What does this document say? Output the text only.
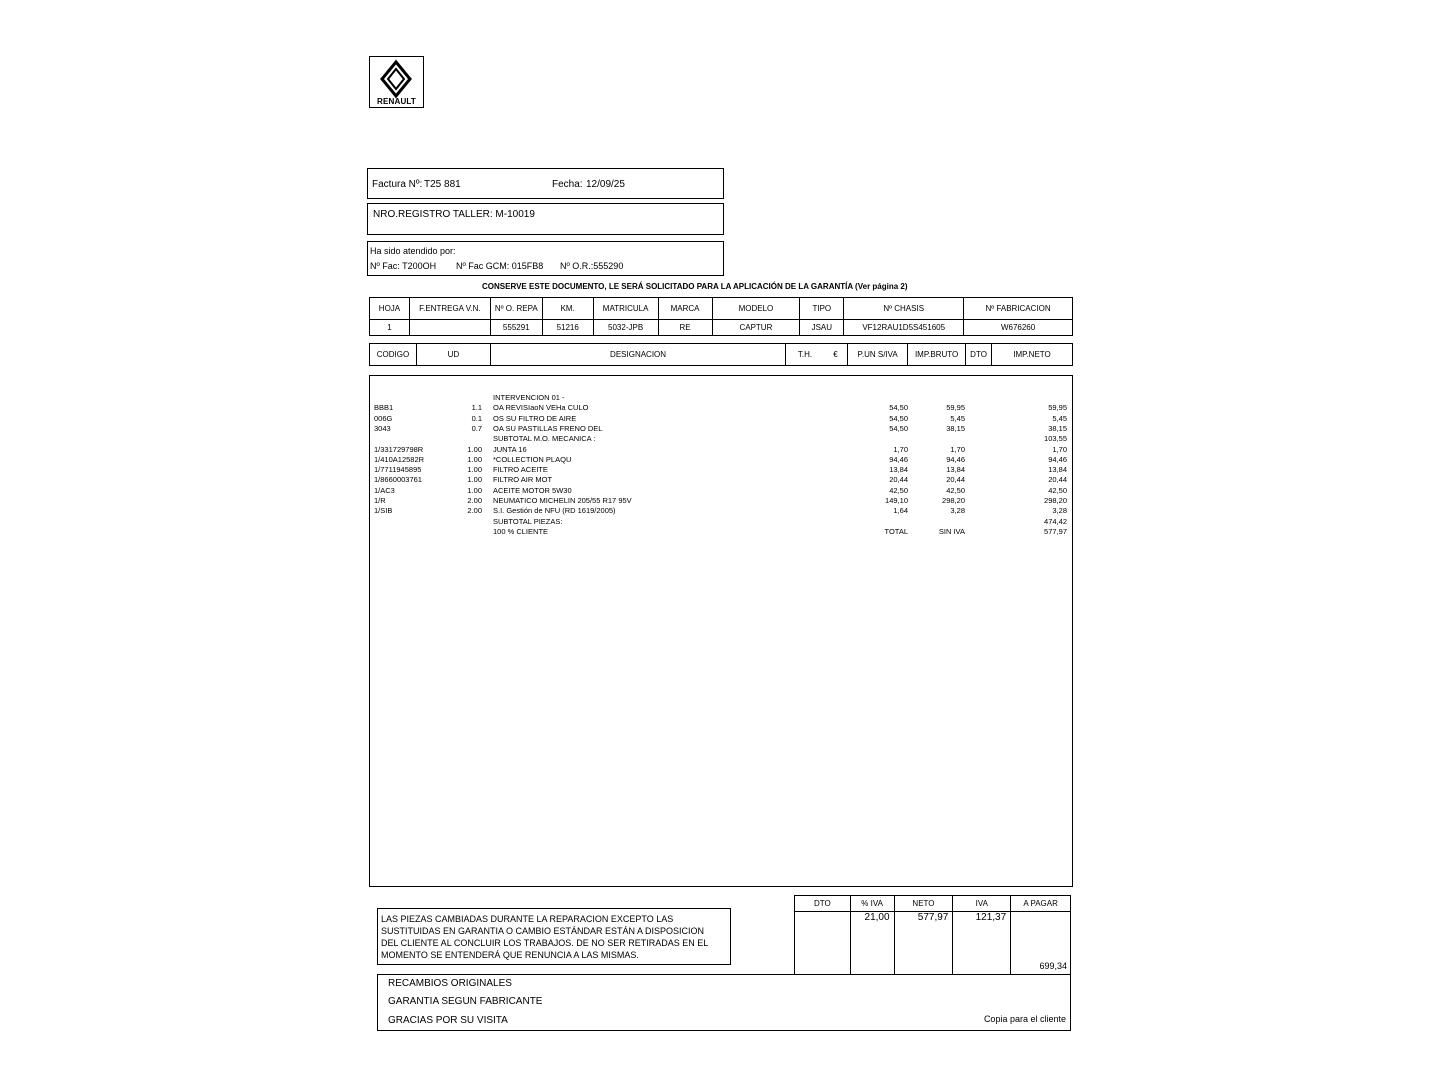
RENAULT
Factura Nº: T25 881	Fecha: 12/09/25
NRO.REGISTRO TALLER: M-10019
Ha sido atendido por:
Nº Fac: T200OH Nº Fac GCM: 015FB8 Nº O.R.:555290
CONSERVE ESTE DOCUMENTO, LE SERÁ SOLICITADO PARA LA APLICACIÓN DE LA GARANTÍA (Ver página 2)
HOJA	F.ENTREGA V.N.	Nº O. REPA	KM.	MATRICULA	MARCA	MODELO	TIPO	Nº CHASIS	Nº FABRICACION
1		555291	51216	5032-JPB	RE	CAPTUR	JSAU	VF12RAU1D5S451605	W676260
CODIGO	UD	DESIGNACION	T.H.	€	P.UN S/IVA	IMP.BRUTO	DTO	IMP.NETO
INTERVENCION 01 -
BBB1	1.1 OA REVISIaoN VEHa CULO	54,50	59,95	59,95
006G	0.1 OS SU FILTRO DE AIRE	54,50	5,45	5,45
3043	0.7 OA SU PASTILLAS FRENO DEL	54,50	38,15	38,15
SUBTOTAL M.O. MECANICA :	103,55
1/331729798R	1.00 JUNTA 16	1,70	1,70	1,70
1/410A12582R	1.00 *COLLECTION PLAQU	94,46	94,46	94,46
1/7711945895	1.00 FILTRO ACEITE	13,84	13,84	13,84
1/8660003761	1.00 FILTRO AIR MOT	20,44	20,44	20,44
1/AC3	1.00 ACEITE MOTOR 5W30	42,50	42,50	42,50
1/R	2.00 NEUMATICO MICHELIN 205/55 R17 95V	149,10	298,20	298,20
1/SIB	2.00 S.I. Gestión de NFU (RD 1619/2005)	1,64	3,28	3,28
SUBTOTAL PIEZAS:	474,42
100 % CLIENTE	TOTAL	SIN IVA	577,97
LAS PIEZAS CAMBIADAS DURANTE LA REPARACION EXCEPTO LAS
SUSTITUIDAS EN GARANTIA O CAMBIO ESTÁNDAR ESTÁN A DISPOSICION
DEL CLIENTE AL CONCLUIR LOS TRABAJOS. DE NO SER RETIRADAS EN EL
MOMENTO SE ENTENDERÁ QUE RENUNCIA A LAS MISMAS.
DTO	% IVA	NETO	IVA	A PAGAR
	21,00	577,97	121,37	699,34
RECAMBIOS ORIGINALES
GARANTIA SEGUN FABRICANTE
GRACIAS POR SU VISITA	Copia para el cliente
